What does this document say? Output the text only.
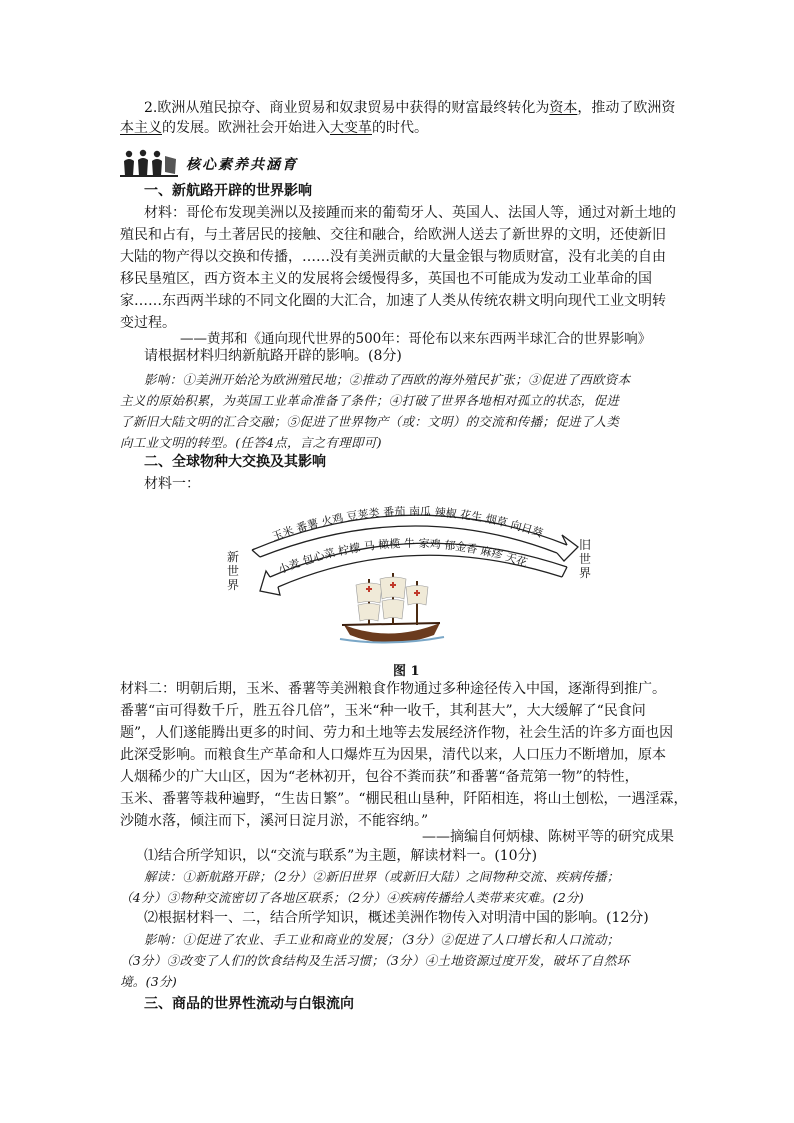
2.欧洲从殖民掠夺、商业贸易和奴隶贸易中获得的财富最终转化为资本，推动了欧洲资
本主义的发展。欧洲社会开始进入大变革的时代。
核心素养共涵育
一、新航路开辟的世界影响
材料：哥伦布发现美洲以及接踵而来的葡萄牙人、英国人、法国人等，通过对新土地的
殖民和占有，与土著居民的接触、交往和融合，给欧洲人送去了新世界的文明，还使新旧
大陆的物产得以交换和传播，……没有美洲贡献的大量金银与物质财富，没有北美的自由
移民垦殖区，西方资本主义的发展将会缓慢得多，英国也不可能成为发动工业革命的国
家……东西两半球的不同文化圈的大汇合，加速了人类从传统农耕文明向现代工业文明转
变过程。
——黄邦和《通向现代世界的500年：哥伦布以来东西两半球汇合的世界影响》
请根据材料归纳新航路开辟的影响。(8分)
影响：①美洲开始沦为欧洲殖民地；②推动了西欧的海外殖民扩张；③促进了西欧资本
主义的原始积累，为英国工业革命准备了条件；④打破了世界各地相对孤立的状态，促进
了新旧大陆文明的汇合交融；⑤促进了世界物产（或：文明）的交流和传播；促进了人类
向工业文明的转型。(任答4点，言之有理即可)
二、全球物种大交换及其影响
材料一：
玉米 番薯 火鸡 豆荚类 番茄 南瓜 辣椒 花生 烟草 向日葵
小麦 包心菜 柠檬 马 橄榄 牛 家鸡 郁金香 麻疹 天花
新
世
界
旧
世
界
图 1
材料二：明朝后期，玉米、番薯等美洲粮食作物通过多种途径传入中国，逐渐得到推广。
番薯“亩可得数千斤，胜五谷几倍”，玉米“种一收千，其利甚大”，大大缓解了“民食问
题”，人们遂能腾出更多的时间、劳力和土地等去发展经济作物，社会生活的许多方面也因
此深受影响。而粮食生产革命和人口爆炸互为因果，清代以来，人口压力不断增加，原本
人烟稀少的广大山区，因为“老林初开，包谷不粪而获”和番薯“备荒第一物”的特性，
玉米、番薯等栽种遍野，“生齿日繁”。“棚民租山垦种，阡陌相连，将山土刨松，一遇淫霖，
沙随水落，倾注而下，溪河日淀月淤，不能容纳。”
——摘编自何炳棣、陈树平等的研究成果
⑴结合所学知识，以“交流与联系”为主题，解读材料一。(10分)
解读：①新航路开辟；（2分）②新旧世界（或新旧大陆）之间物种交流、疾病传播；
（4分）③物种交流密切了各地区联系；（2分）④疾病传播给人类带来灾难。(2分)
⑵根据材料一、二，结合所学知识，概述美洲作物传入对明清中国的影响。(12分)
影响：①促进了农业、手工业和商业的发展；（3分）②促进了人口增长和人口流动；
（3分）③改变了人们的饮食结构及生活习惯；（3分）④土地资源过度开发，破坏了自然环
境。(3分)
三、商品的世界性流动与白银流向
